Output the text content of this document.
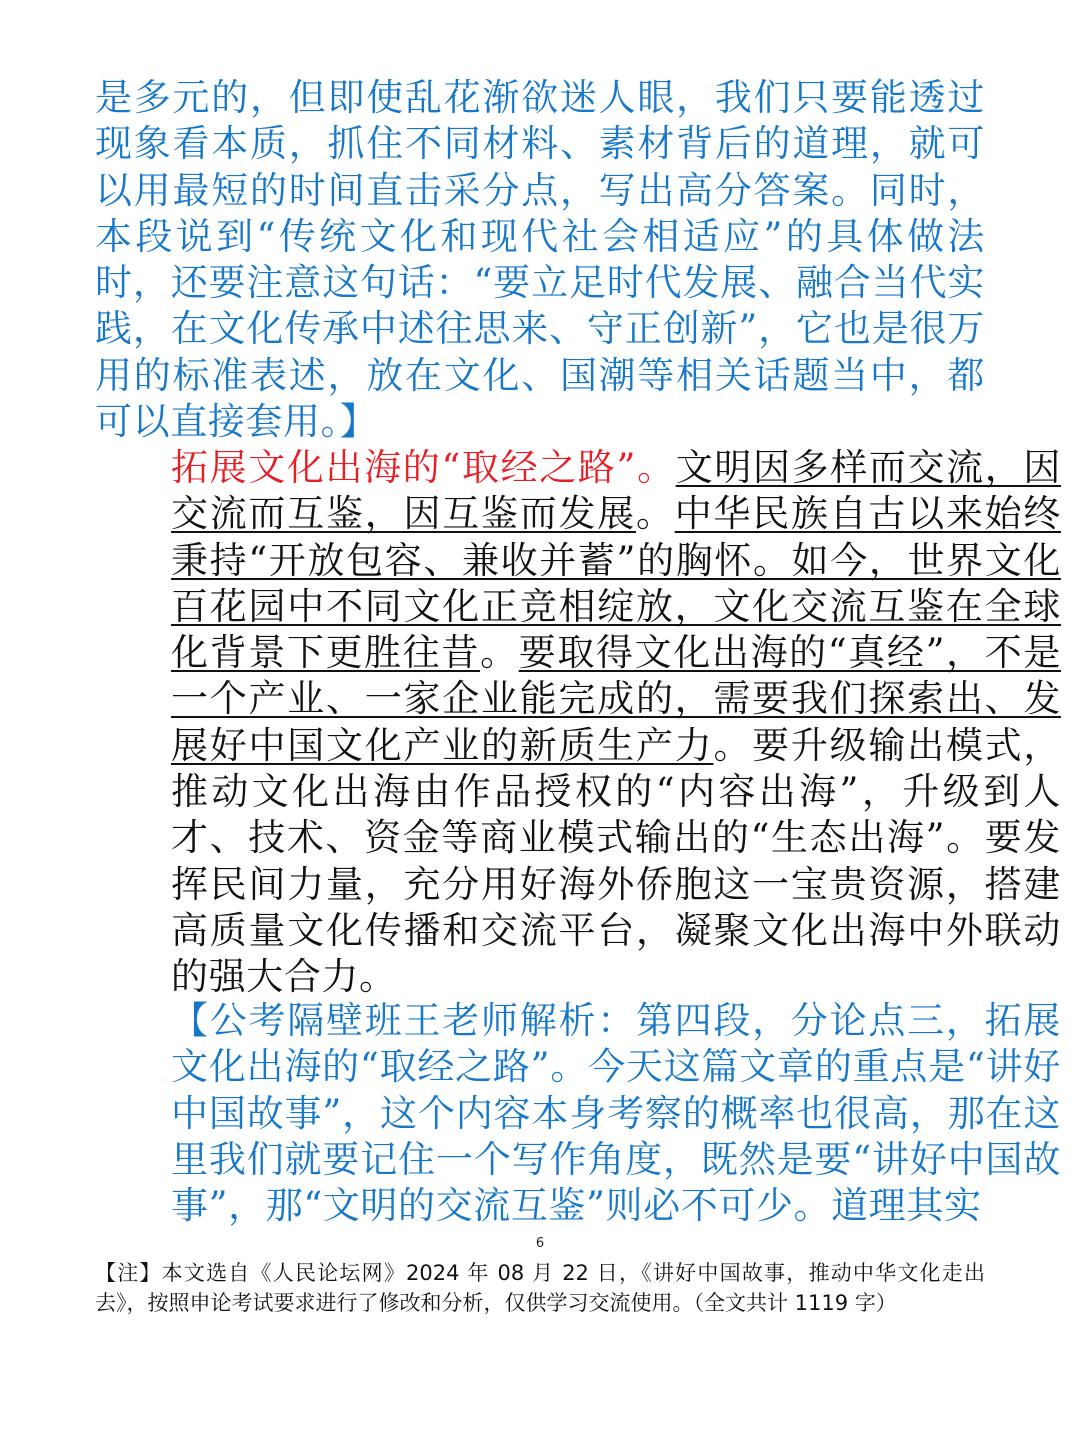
是多元的，但即使乱花渐欲迷人眼，我们只要能透过现象看本质，抓住不同材料、素材背后的道理，就可以用最短的时间直击采分点，写出高分答案。同时，本段说到“传统文化和现代社会相适应”的具体做法时，还要注意这句话：“要立足时代发展、融合当代实践，在文化传承中述往思来、守正创新”，它也是很万用的标准表述，放在文化、国潮等相关话题当中，都可以直接套用。】
拓展文化出海的“取经之路”。文明因多样而交流，因交流而互鉴，因互鉴而发展。中华民族自古以来始终秉持“开放包容、兼收并蓄”的胸怀。如今，世界文化百花园中不同文化正竞相绽放，文化交流互鉴在全球化背景下更胜往昔。要取得文化出海的“真经”，不是一个产业、一家企业能完成的，需要我们探索出、发展好中国文化产业的新质生产力。要升级输出模式，推动文化出海由作品授权的“内容出海”，升级到人才、技术、资金等商业模式输出的“生态出海”。要发挥民间力量，充分用好海外侨胞这一宝贵资源，搭建高质量文化传播和交流平台，凝聚文化出海中外联动的强大合力。
【公考隔壁班王老师解析：第四段，分论点三，拓展文化出海的“取经之路”。今天这篇文章的重点是“讲好中国故事”，这个内容本身考察的概率也很高，那在这里我们就要记住一个写作角度，既然是要“讲好中国故事”，那“文明的交流互鉴”则必不可少。道理其实
6
【注】本文选自《人民论坛网》2024 年 08 月 22 日，《讲好中国故事，推动中华文化走出去》，按照申论考试要求进行了修改和分析，仅供学习交流使用。（全文共计 1119 字）
